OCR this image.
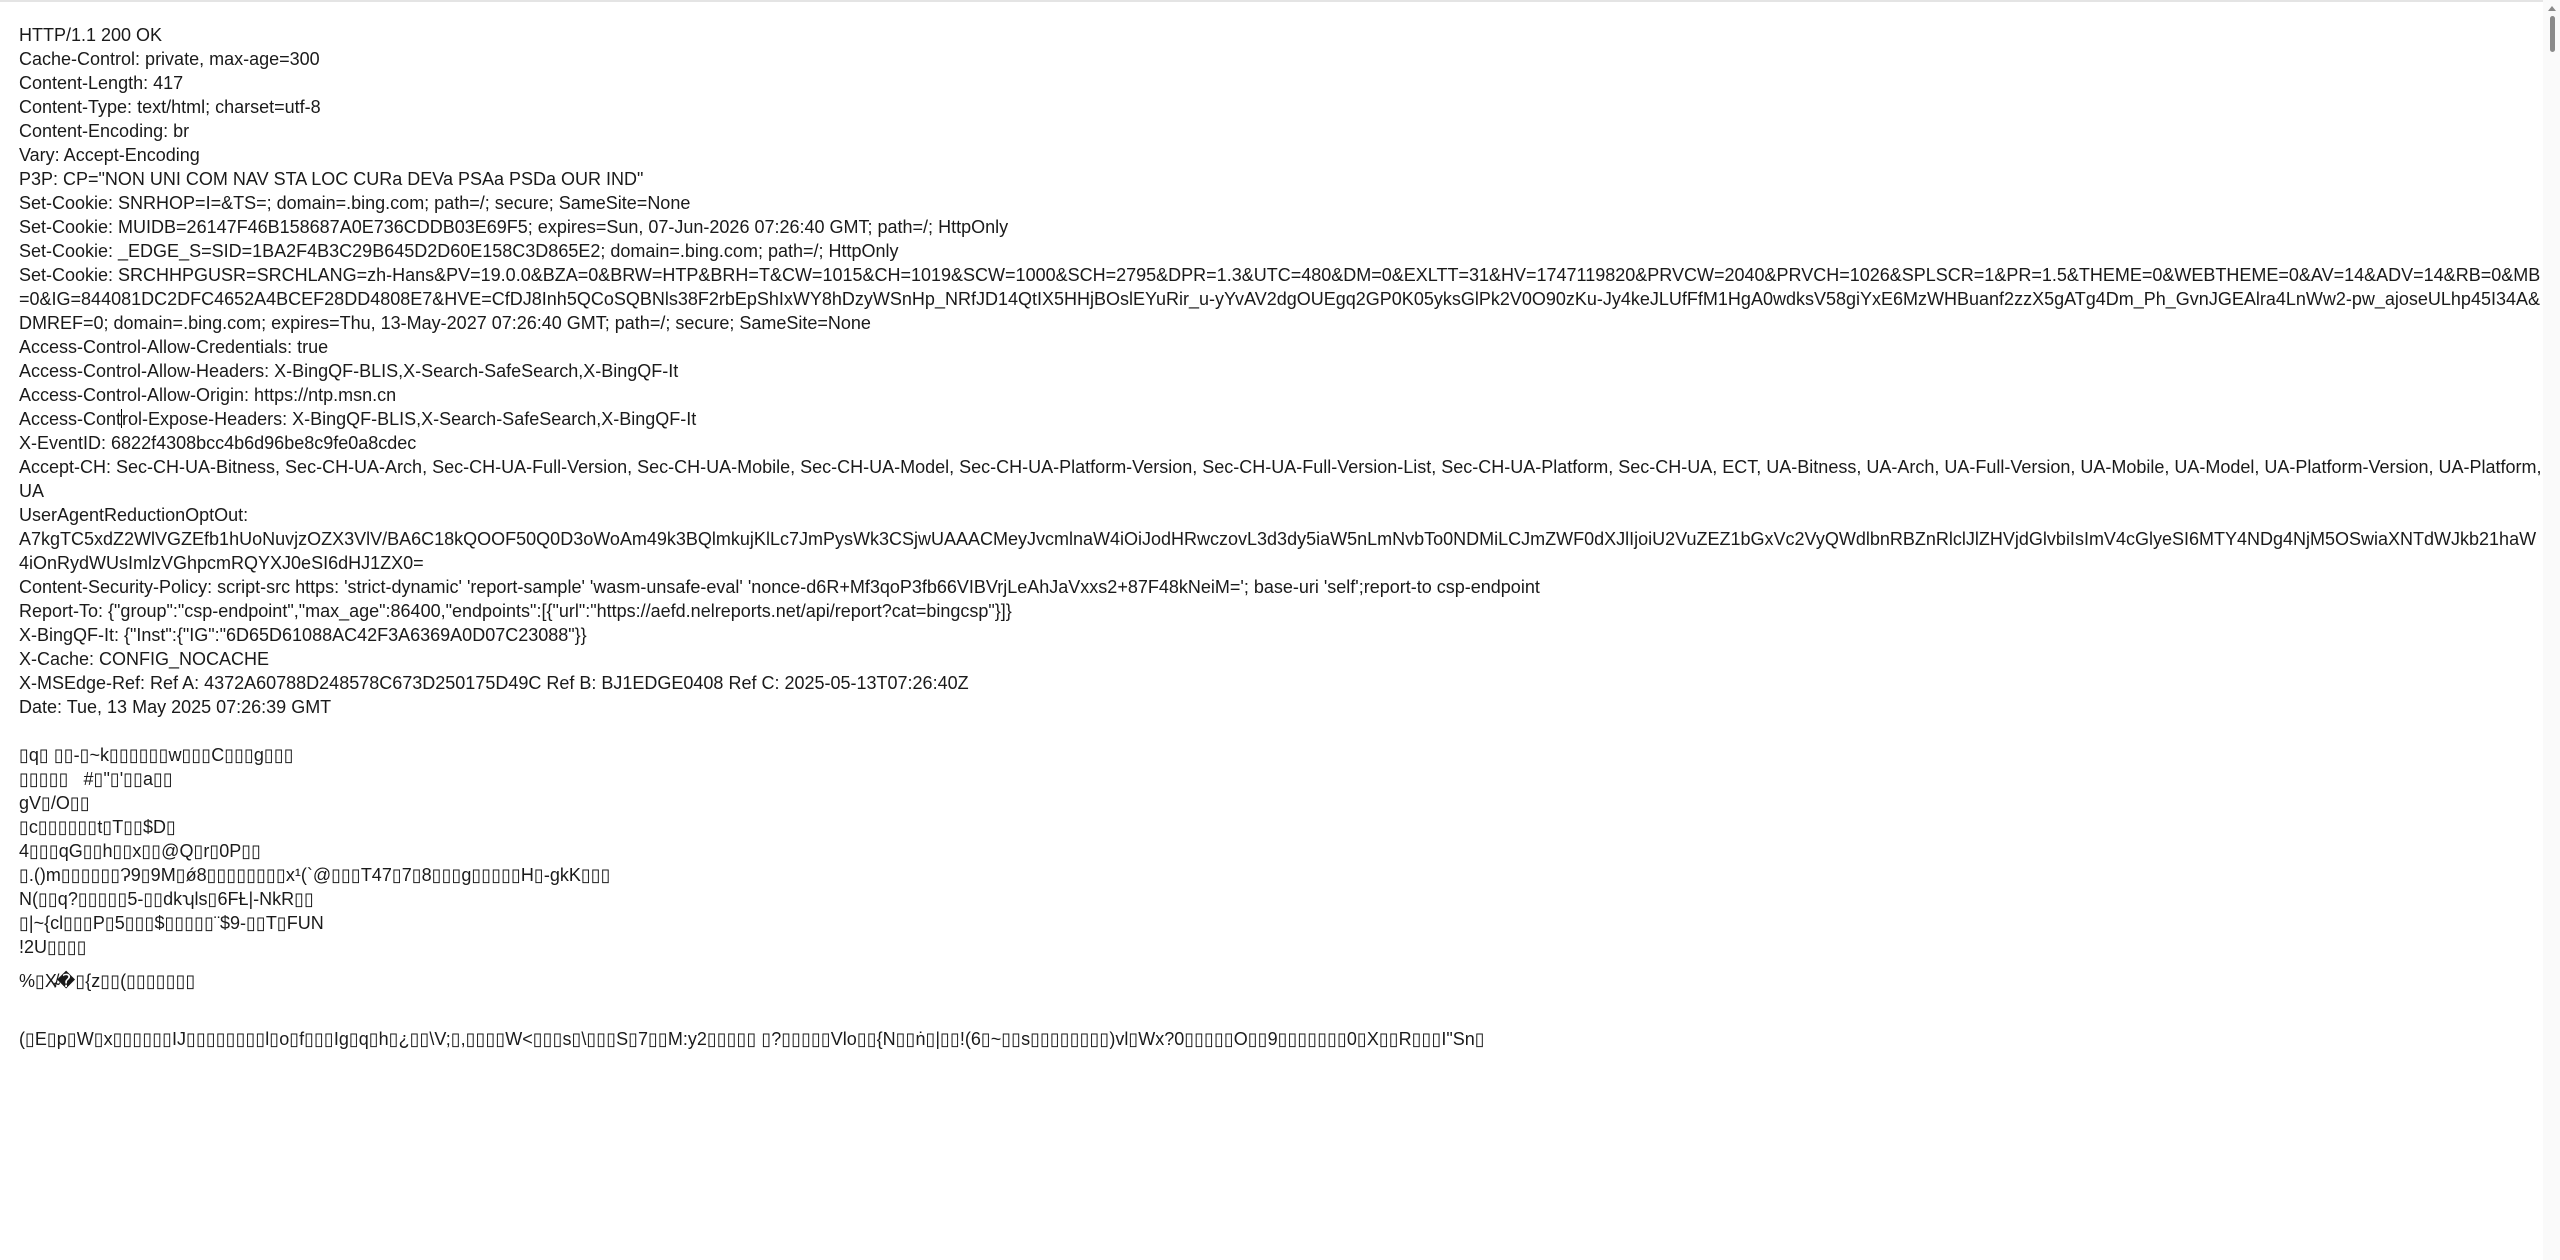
HTTP/1.1 200 OK
Cache-Control: private, max-age=300
Content-Length: 417
Content-Type: text/html; charset=utf-8
Content-Encoding: br
Vary: Accept-Encoding
P3P: CP="NON UNI COM NAV STA LOC CURa DEVa PSAa PSDa OUR IND"
Set-Cookie: SNRHOP=I=&TS=; domain=.bing.com; path=/; secure; SameSite=None
Set-Cookie: MUIDB=26147F46B158687A0E736CDDB03E69F5; expires=Sun, 07-Jun-2026 07:26:40 GMT; path=/; HttpOnly
Set-Cookie: _EDGE_S=SID=1BA2F4B3C29B645D2D60E158C3D865E2; domain=.bing.com; path=/; HttpOnly
Set-Cookie: SRCHHPGUSR=SRCHLANG=zh-Hans&PV=19.0.0&BZA=0&BRW=HTP&BRH=T&CW=1015&CH=1019&SCW=1000&SCH=2795&DPR=1.3&UTC=480&DM=0&EXLTT=31&HV=1747119820&PRVCW=2040&PRVCH=1026&SPLSCR=1&PR=1.5&THEME=0&WEBTHEME=0&AV=14&ADV=14&RB=0&MB=0&IG=844081DC2DFC4652A4BCEF28DD4808E7&HVE=CfDJ8Inh5QCoSQBNls38F2rbEpShIxWY8hDzyWSnHp_NRfJD14QtIX5HHjBOslEYuRir_u-yYvAV2dgOUEgq2GP0K05yksGlPk2V0O90zKu-Jy4keJLUfFfM1HgA0wdksV58giYxE6MzWHBuanf2zzX5gATg4Dm_Ph_GvnJGEAlra4LnWw2-pw_ajoseULhp45I34A&DMREF=0; domain=.bing.com; expires=Thu, 13-May-2027 07:26:40 GMT; path=/; secure; SameSite=None
Access-Control-Allow-Credentials: true
Access-Control-Allow-Headers: X-BingQF-BLIS,X-Search-SafeSearch,X-BingQF-It
Access-Control-Allow-Origin: https://ntp.msn.cn
Access-Control-Expose-Headers: X-BingQF-BLIS,X-Search-SafeSearch,X-BingQF-It
X-EventID: 6822f4308bcc4b6d96be8c9fe0a8cdec
Accept-CH: Sec-CH-UA-Bitness, Sec-CH-UA-Arch, Sec-CH-UA-Full-Version, Sec-CH-UA-Mobile, Sec-CH-UA-Model, Sec-CH-UA-Platform-Version, Sec-CH-UA-Full-Version-List, Sec-CH-UA-Platform, Sec-CH-UA, ECT, UA-Bitness, UA-Arch, UA-Full-Version, UA-Mobile, UA-Model, UA-Platform-Version, UA-Platform, UA
UserAgentReductionOptOut:
A7kgTC5xdZ2WlVGZEfb1hUoNuvjzOZX3VlV/BA6C18kQOOF50Q0D3oWoAm49k3BQlmkujKlLc7JmPysWk3CSjwUAAACMeyJvcmlnaW4iOiJodHRwczovL3d3dy5iaW5nLmNvbTo0NDMiLCJmZWF0dXJlIjoiU2VuZEZ1bGxVc2VyQWdlbnRBZnRlclJlZHVjdGlvbiIsImV4cGlyeSI6MTY4NDg4NjM5OSwiaXNTdWJkb21haW4iOnRydWUsImlzVGhpcmRQYXJ0eSI6dHJ1ZX0=
Content-Security-Policy: script-src https: 'strict-dynamic' 'report-sample' 'wasm-unsafe-eval' 'nonce-d6R+Mf3qoP3fb66VIBVrjLeAhJaVxxs2+87F48kNeiM='; base-uri 'self';report-to csp-endpoint
Report-To: {"group":"csp-endpoint","max_age":86400,"endpoints":[{"url":"https://aefd.nelreports.net/api/report?cat=bingcsp"}]}
X-BingQF-It: {"Inst":{"IG":"6D65D61088AC42F3A6369A0D07C23088"}}
X-Cache: CONFIG_NOCACHE
X-MSEdge-Ref: Ref A: 4372A60788D248578C673D250175D49C Ref B: BJ1EDGE0408 Ref C: 2025-05-13T07:26:40Z
Date: Tue, 13 May 2025 07:26:39 GMT
▯q▯ ▯▯-▯~k▯▯▯▯▯▯w▯▯▯C▯▯▯g▯▯▯
▯▯▯▯▯   #▯"▯'▯▯a▯▯
gV▯/O▯▯
▯c▯▯▯▯▯▯t▯T▯▯$D▯
4▯▯▯qG▯▯h▯▯x▯▯@Q▯r▯0P▯▯
▯.()m▯▯▯▯▯▯Ɂ9▯9M▯ǿ8▯▯▯▯▯▯▯▯x¹(`@▯▯▯T47▯7▯8▯▯▯g▯▯▯▯▯H▯-gkK▯▯▯
N(▯▯q?▯▯▯▯▯5-▯▯dkʮls▯6FȽ|-NkR▯▯
▯|~{cl▯▯▯P▯5▯▯▯$▯▯▯▯▯¨$9-▯▯T▯FUN
!2U▯▯▯▯
%▯X̸̴�▯{z▯▯(▯▯▯▯▯▯▯
(▯E▯p▯W▯x▯▯▯▯▯▯IJ▯▯▯▯▯▯▯▯l▯o▯f▯▯▯Ig▯q▯h▯¿▯▯\V;▯,▯▯▯▯W<▯▯▯s▯\▯▯▯S▯7▯▯M:y2▯▯▯▯▯ ▯?▯▯▯▯▯Vlo▯▯{N▯▯ṅ▯|▯▯!(6▯~▯▯s▯▯▯▯▯▯▯▯)vl▯Wx?0▯▯▯▯▯O▯▯9▯▯▯▯▯▯▯0▯X▯▯R▯▯▯I"Sn▯
